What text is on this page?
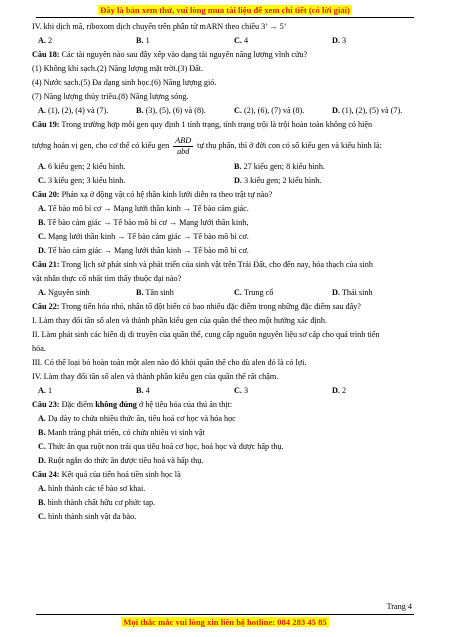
Đây là bản xem thử, vui lòng mua tài liệu để xem chi tiết (có lời giải)
IV. khi dịch mã, riboxom dịch chuyển trên phân tử mARN theo chiều 3’ → 5’
A. 2	B. 1	C. 4	D. 3
Câu 18: Các tài nguyên nào sau đây xếp vào dạng tài nguyên năng lượng vĩnh cửu?
(1) Không khí sạch.(2) Năng lượng mặt trời.(3) Đất.
(4) Nước sạch.(5) Đa dạng sinh học.(6) Năng lượng gió.
(7) Năng lượng thủy triều.(8) Năng lượng sóng.
A. (1), (2), (4) và (7).	B. (3), (5), (6) và (8).	C. (2), (6), (7) và (8).	D. (1), (2), (5) và (7).
Câu 19: Trong trường hợp mỗi gen quy định 1 tính trạng, tính trạng trội là trội hoàn toàn không có hiện
tượng hoán vị gen, cho cơ thể có kiểu gen $\frac{\text{ABD}}{\text{abd}}$ tự thụ phấn, thì ở đời con có số kiểu gen và kiểu hình là:
A. 6 kiểu gen; 2 kiểu hình.	B. 27 kiểu gen; 8 kiểu hình.
C. 3 kiểu gen; 3 kiểu hình.	D. 3 kiểu gen; 2 kiểu hình.
Câu 20: Phản xạ ở động vật có hệ thần kinh lưới diễn ra theo trật tự nào?
A. Tế bào mô bì cơ → Mạng lưới thần kinh → Tế bào cảm giác.
B. Tế bào cảm giác → Tế bào mô bì cơ → Mạng lưới thần kinh,
C. Mạng lưới thần kinh → Tế bào cảm giác → Tế bào mô bì cơ.
D. Tế bào cảm giác → Mạng lưới thần kinh → Tế bào mô bì cơ.
Câu 21: Trong lịch sử phát sinh và phát triển của sinh vật trên Trái Đất, cho đến nay, hóa thạch của sinh
vật nhân thực cổ nhất tìm thấy thuộc đại nào?
A. Nguyên sinh	B. Tân sinh	C. Trung cổ	D. Thái sinh
Câu 22: Trong tiến hóa nhỏ, nhân tố đột biến có bao nhiêu đặc điểm trong những đặc điểm sau đây?
I. Làm thay đổi tần số alen và thành phần kiểu gen của quần thể theo một hướng xác định.
II. Làm phát sinh các biến dị di truyền của quần thể, cung cấp nguồn nguyên liệu sơ cấp cho quá trình tiến
hóa.
III. Có thể loại bỏ hoàn toàn một alen nào đó khỏi quần thể cho dù alen đó là có lợi.
IV. Làm thay đổi tần số alen và thành phần kiểu gen của quần thể rất chậm.
A. 1	B. 4	C. 3	D. 2
Câu 23: Đặc điểm không đúng ở hệ tiêu hóa của thú ăn thịt:
A. Dạ dày to chứa nhiều thức ăn, tiêu hoá cơ học và hóa học
B. Manh tràng phát triển, có chứa nhiều vi sinh vật
C. Thức ăn qua ruột non trải qua tiêu hoá cơ học, hoá học và được hấp thụ.
D. Ruột ngắn do thức ăn được tiêu hoá và hấp thụ.
Câu 24: Kết quả của tiến hoá tiền sinh học là
A. hình thành các tế bào sơ khai.
B. hình thành chất hữu cơ phức tạp.
C. hình thành sinh vật đa bào.
Trang 4
Mọi thắc mắc vui lòng xin liên hệ hotline: 084 283 45 85
